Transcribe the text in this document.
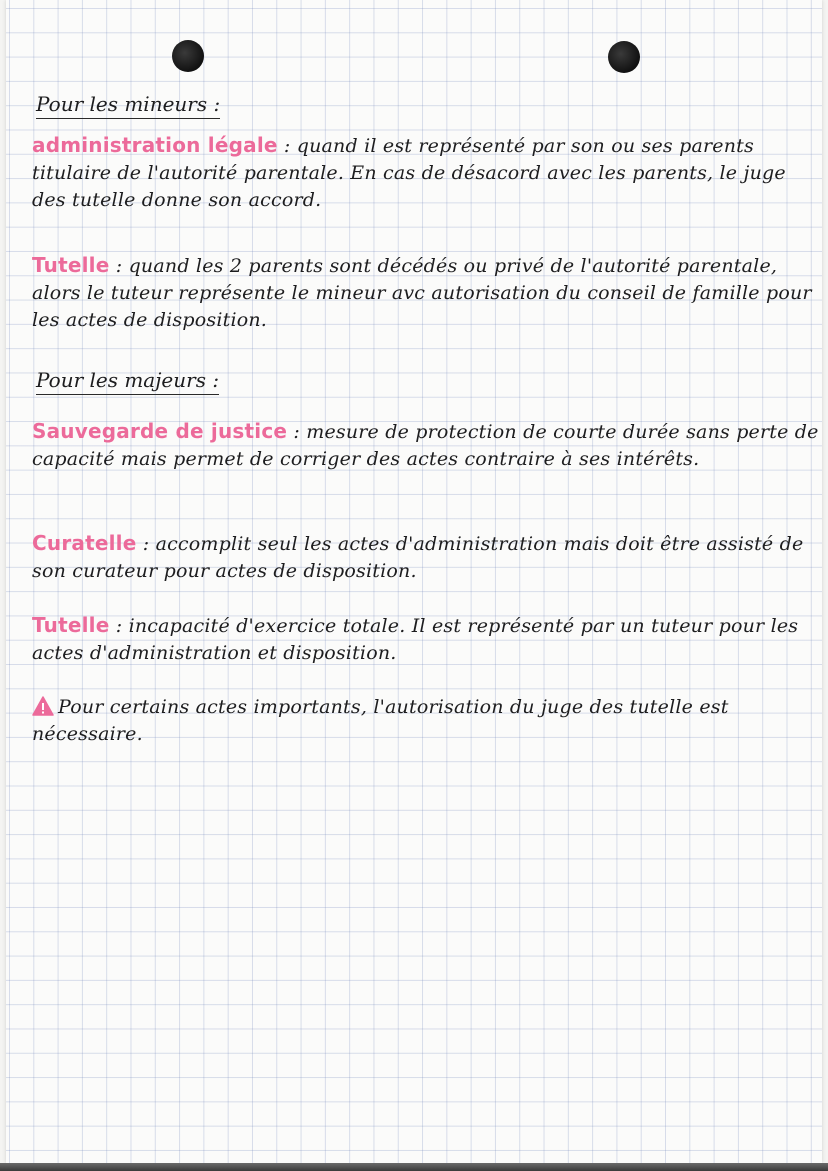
Pour les mineurs :

administration légale : quand il est représenté par son ou ses parents titulaire de l'autorité parentale. En cas de désacord avec les parents, le juge des tutelle donne son accord.

Tutelle : quand les 2 parents sont décédés ou privé de l'autorité parentale, alors le tuteur représente le mineur avc autorisation du conseil de famille pour les actes de disposition.

Pour les majeurs :

Sauvegarde de justice : mesure de protection de courte durée sans perte de capacité mais permet de corriger des actes contraire à ses intérêts.

Curatelle : accomplit seul les actes d'administration mais doit être assisté de son curateur pour actes de disposition.

Tutelle : incapacité d'exercice totale. Il est représenté par un tuteur pour les actes d'administration et disposition.

Pour certains actes importants, l'autorisation du juge des tutelle est nécessaire.
